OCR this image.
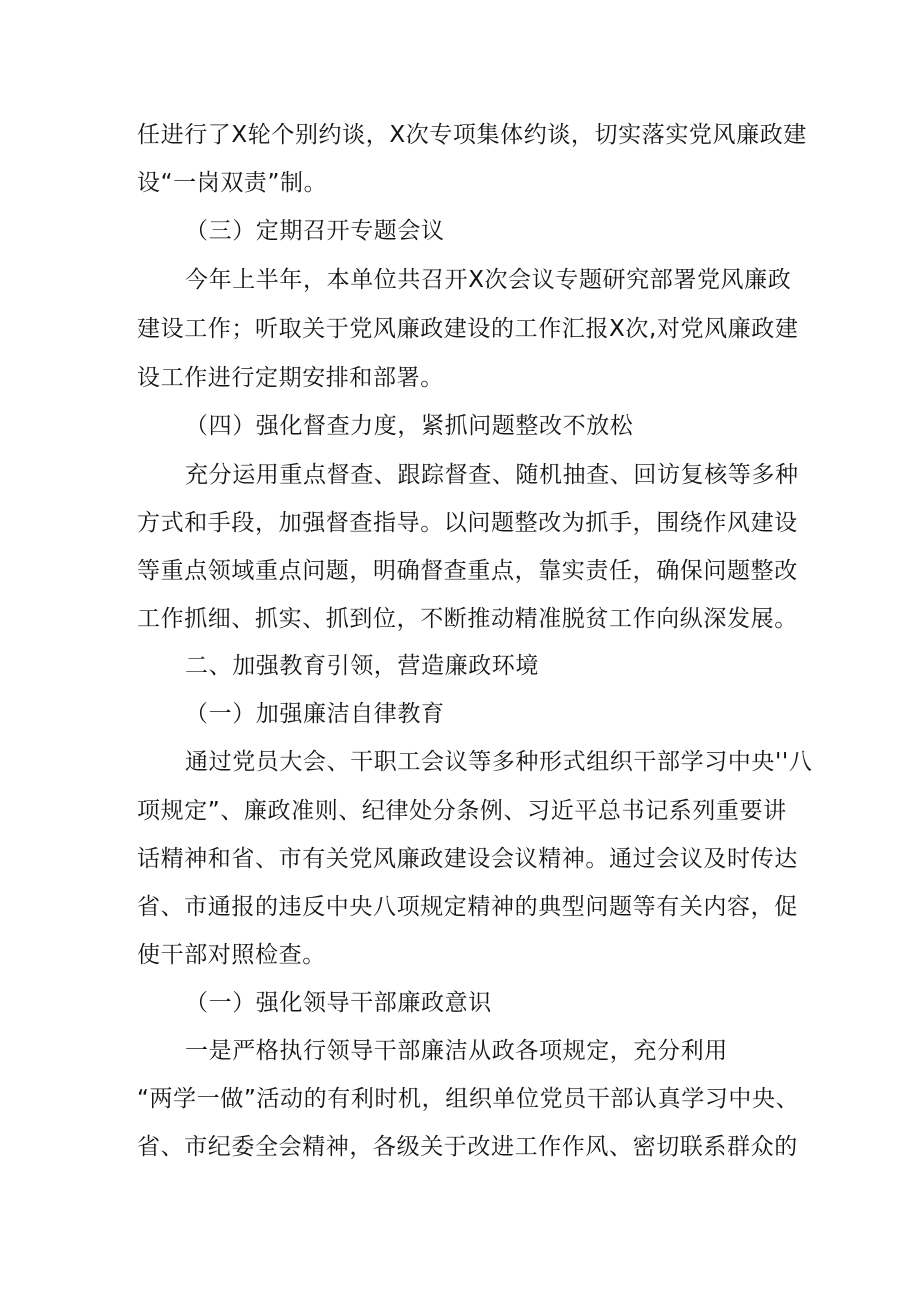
任进行了X轮个别约谈，X次专项集体约谈，切实落实党风廉政建
设“一岗双责”制。
（三）定期召开专题会议
今年上半年，本单位共召开X次会议专题研究部署党风廉政
建设工作；听取关于党风廉政建设的工作汇报X次,对党风廉政建
设工作进行定期安排和部署。
（四）强化督查力度，紧抓问题整改不放松
充分运用重点督查、跟踪督查、随机抽查、回访复核等多种
方式和手段，加强督查指导。以问题整改为抓手，围绕作风建设
等重点领域重点问题，明确督查重点，靠实责任，确保问题整改
工作抓细、抓实、抓到位，不断推动精准脱贫工作向纵深发展。
二、加强教育引领，营造廉政环境
（一）加强廉洁自律教育
通过党员大会、干职工会议等多种形式组织干部学习中央''八
项规定”、廉政准则、纪律处分条例、习近平总书记系列重要讲
话精神和省、市有关党风廉政建设会议精神。通过会议及时传达
省、市通报的违反中央八项规定精神的典型问题等有关内容，促
使干部对照检查。
（一）强化领导干部廉政意识
一是严格执行领导干部廉洁从政各项规定，充分利用
“两学一做”活动的有利时机，组织单位党员干部认真学习中央、
省、市纪委全会精神，各级关于改进工作作风、密切联系群众的
